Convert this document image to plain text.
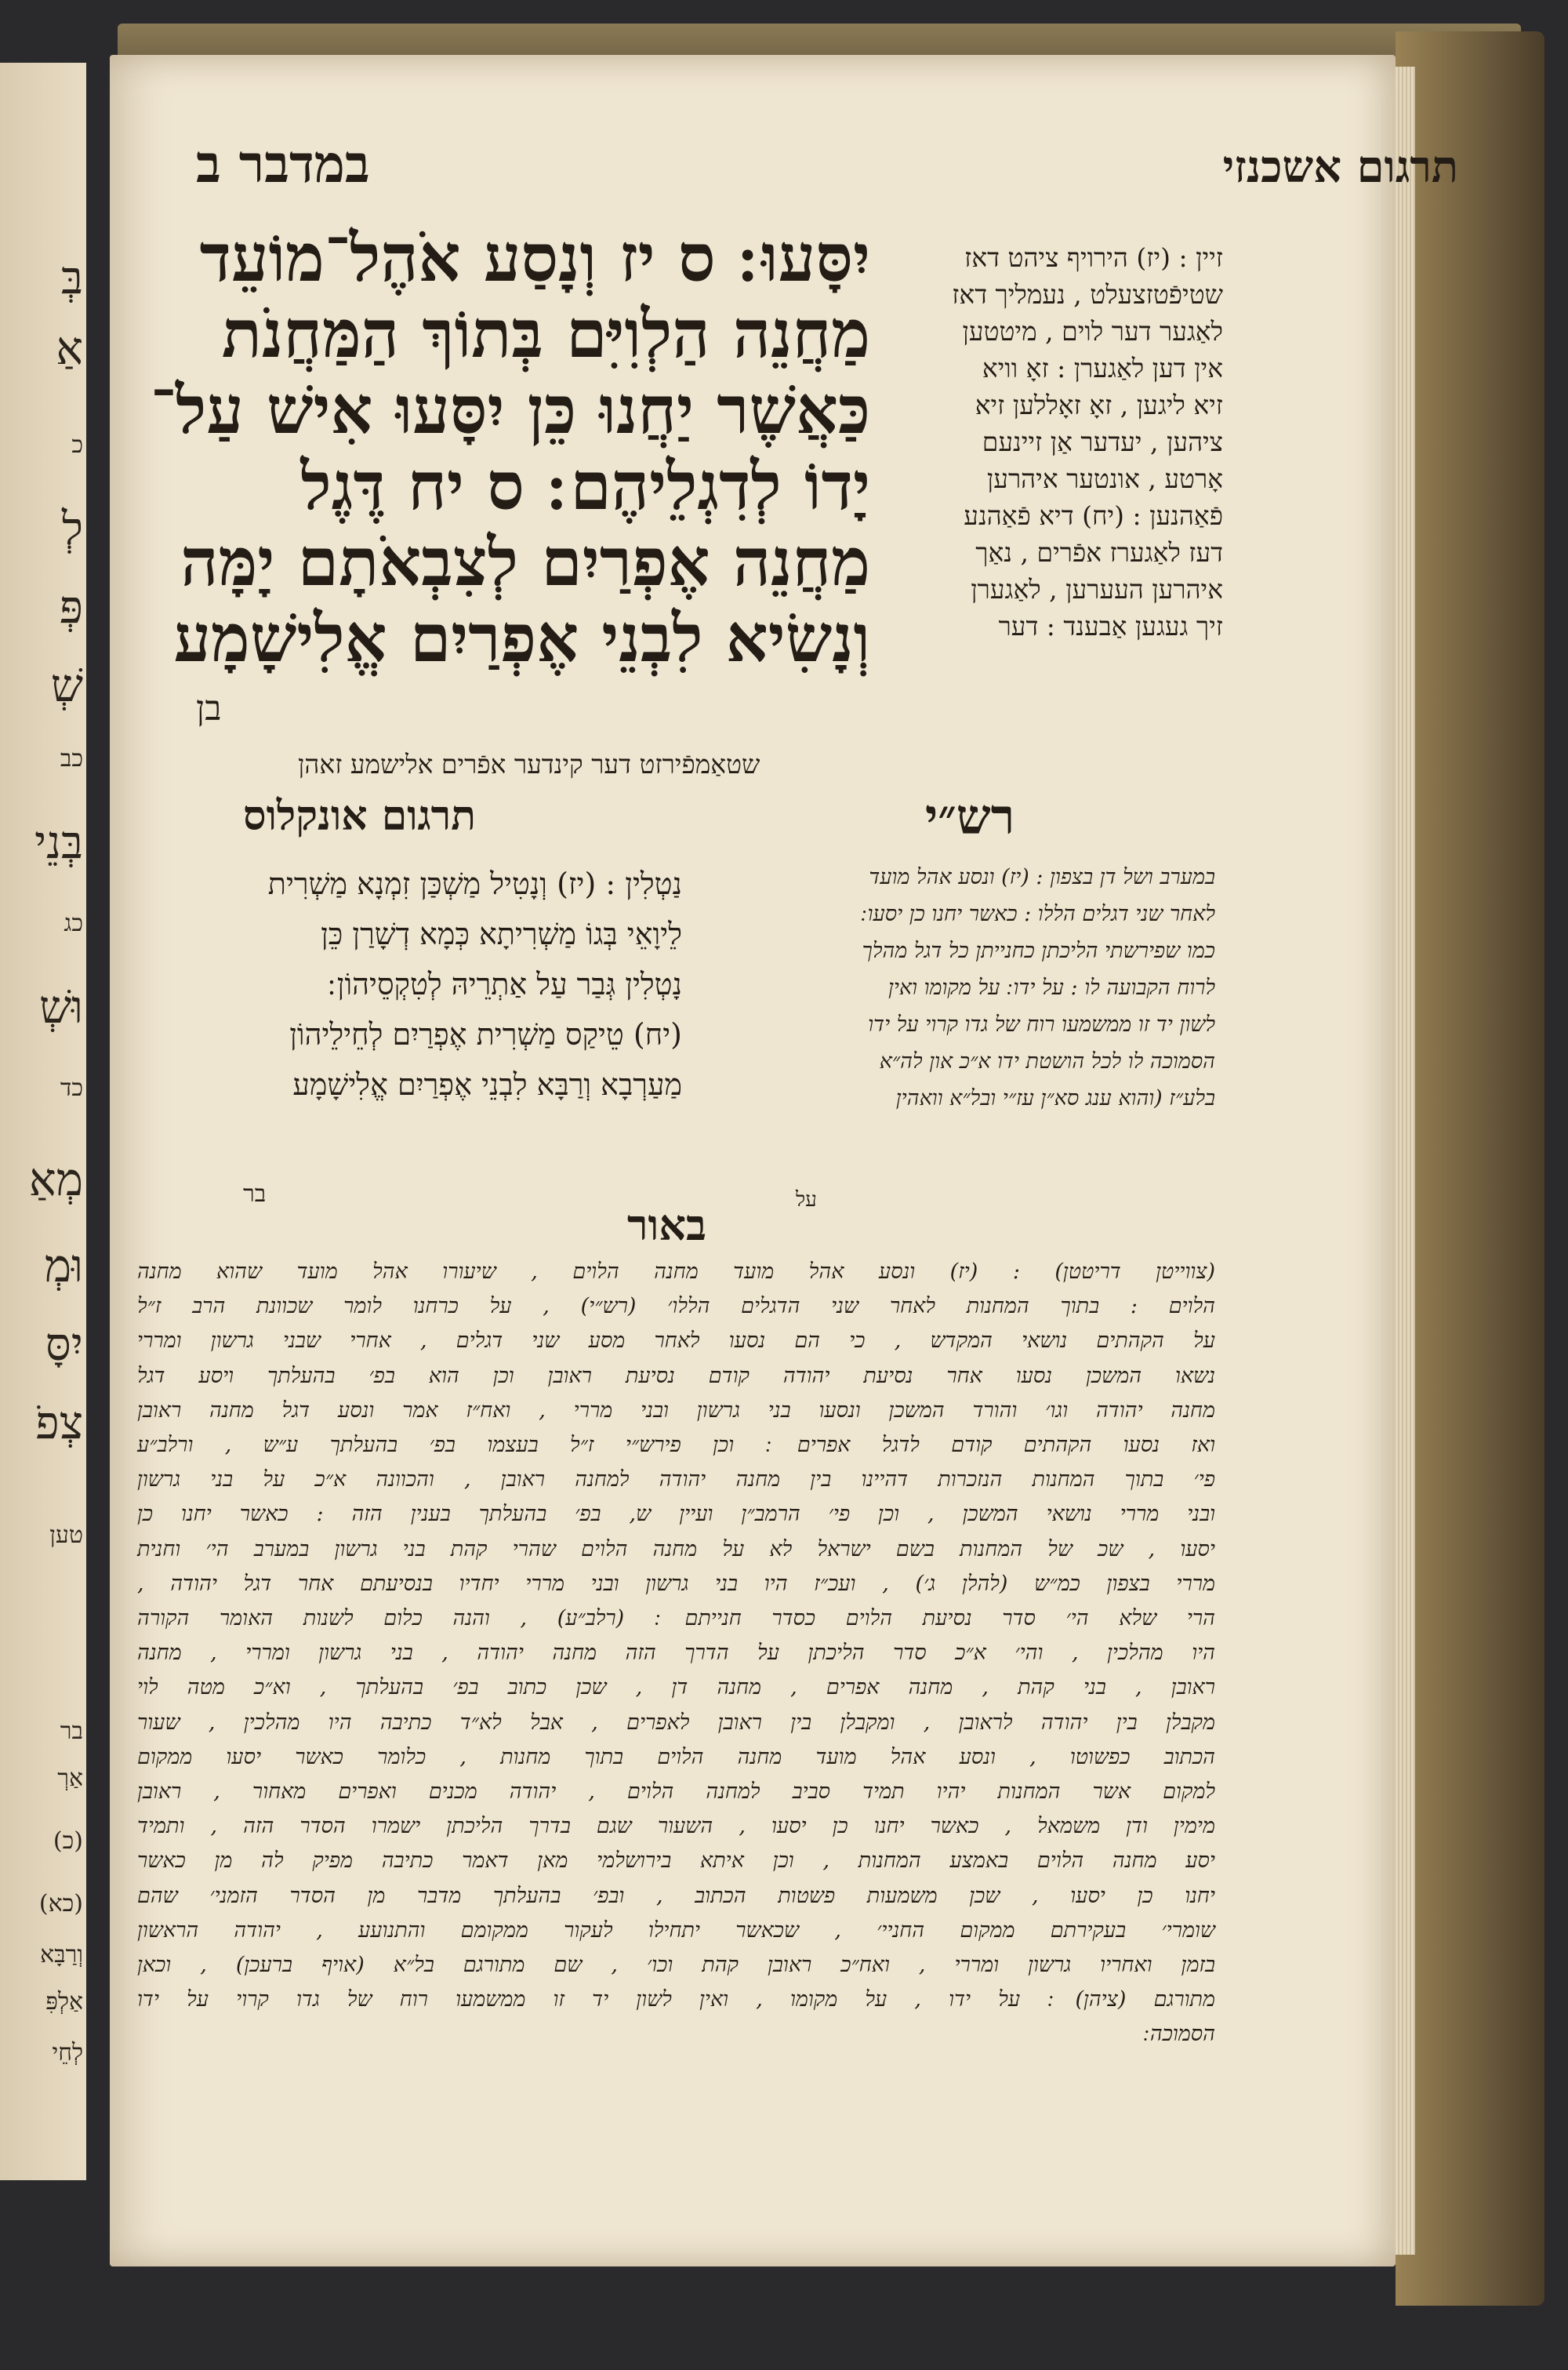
בְּ
אַ
כ
לְ
פְּ
שְׁ
כב
בְּנֵי
כג
וּשְׁ
כד
מְאַ
וּמְ
יִסָּ
צְפֹ
טען
בר
אַרְ
(כ)
(כא)
וְרַבָּא
אַלְפִּ
לְחֵי
במדבר ב	תרגום אשכנזי
יִסָּעוּ ׃ ס יז וְנָסַע אֹהֶל־מוֹעֵד
מַחֲנֵה הַלְוִיִּם בְּתוֹךְ הַמַּחֲנֹת
כַּאֲשֶׁר יַחֲנוּ כֵּן יִסָּעוּ אִישׁ עַל־
יָדוֹ לְדִגְלֵיהֶם ׃ ס יח דֶּגֶל
מַחֲנֵה אֶפְרַיִם לְצִבְאֹתָם יָמָּה
וְנָשִׂיא לִבְנֵי אֶפְרַיִם אֱלִישָׁמָע
בן
זיין : (יז) הירויף ציהט דאז
שטיפֿטזצעלט , נעמליך דאז
לאַגער דער לוים , מיטטען
אין דען לאַגערן : זאָ וויא
זיא ליגען , זאָ זאָללען זיא
ציהען , יעדער אַן זיינעם
אָרטע , אונטער איהרען
פֿאַהנען : (יח) דיא פֿאַהנע
דעז לאַגערז אפֿרים , נאַך
איהרען העערען , לאַגערן
זיך געגען אַבענד : דער
שטאַמפֿירזט דער קינדער אפֿרים אלישמע זאהן
רש״י
תרגום אונקלוס
נַטְלִין : (יז) וְנָטִיל מַשְׁכַּן זִמְנָא מַשְׁרִית
לֵיוָאֵי בְּגוֹ מַשְׁרִיתָא כְּמָא דְשָׁרַן כֵּן
נָטְלִין גְּבַר עַל אַתְרֵיהּ לְטִקְסֵיהוֹן ׃
(יח) טֵיקַס מַשְׁרִית אֶפְרַיִם לְחֵילֵיהוֹן
מַעַרְבָא וְרַבָּא לִבְנֵי אֶפְרַיִם אֱלִישָׁמָע
בר
במערב ושל דן בצפון : (יז) ונסע אהל מועד
לאחר שני דגלים הללו : כאשר יחנו כן יסעו ׃
כמו שפירשתי הליכתן כחנייתן כל דגל מהלך
לרוח הקבועה לו : על ידו ׃ על מקומו ואין
לשון יד זו ממשמעו רוח של גדו קרוי על ידו
הסמוכה לו לכל הושטת ידו א״כ און לה״א
בלע״ז (והוא ענג סא״ן עז״י ובל״א וואהין
על
באור
(צווייטן דריטטן) : (יז) ונסע אהל מועד מחנה הלוים , שיעורו אהל מועד שהוא מחנה
הלוים : בתוך המחנות לאחר שני הדגלים הללו׳ (רש״י) , על כרחנו לומר שכוונת הרב ז״ל
על הקהתים נושאי המקדש , כי הם נסעו לאחר מסע שני דגלים , אחרי שבני גרשון ומררי
נשאו המשכן נסעו אחר נסיעת יהודה קודם נסיעת ראובן וכן הוא בפ׳ בהעלתך ויסע דגל
מחנה יהודה וגו׳ והורד המשכן ונסעו בני גרשון ובני מררי , ואח״ז אמר ונסע דגל מחנה ראובן
ואז נסעו הקהתים קודם לדגל אפרים ׃ וכן פירש״י ז״ל בעצמו בפ׳ בהעלתך ע״ש , ורלב״ע
פי׳ בתוך המחנות הנזכרות דהיינו בין מחנה יהודה למחנה ראובן , והכוונה א״כ על בני גרשון
ובני מררי נושאי המשכן , וכן פי׳ הרמב״ן ועיין ש, בפ׳ בהעלתך בענין הזה : כאשר יחנו כן
יסעו , שכ של המחנות בשם ישראל לא על מחנה הלוים שהרי קהת בני גרשון במערב הי׳ וחנית
מררי בצפון כמ״ש (להלן ג׳) , ועכ״ז היו בני גרשון ובני מררי יחדיו בנסיעתם אחר דגל יהודה ,
הרי שלא הי׳ סדר נסיעת הלוים כסדר חנייתם ׃ (רלב״ע) , והנה כלום לשנות האומר הקורה
היו מהלכין , והי׳ א״כ סדר הליכתן על הדרך הזה מחנה יהודה , בני גרשון ומררי , מחנה
ראובן , בני קהת , מחנה אפרים , מחנה דן , שכן כתוב בפ׳ בהעלתך , וא״כ מטה לוי
מקבלן בין יהודה לראובן , ומקבלן בין ראובן לאפרים , אבל לא״ד כתיבה היו מהלכין , שעור
הכתוב כפשוטו , ונסע אהל מועד מחנה הלוים בתוך מחנות , כלומר כאשר יסעו ממקום
למקום אשר המחנות יהיו תמיד סביב למחנה הלוים , יהודה מכנים ואפרים מאחור , ראובן
מימין ודן משמאל , כאשר יחנו כן יסעו , השעור שגם בדרך הליכתן ישמרו הסדר הזה , ותמיד
יסע מחנה הלוים באמצע המחנות , וכן איתא בירושלמי מאן דאמר כתיבה מפיק לה מן כאשר
יחנו כן יסעו , שכן משמעות פשטות הכתוב , ובפ׳ בהעלתך מדבר מן הסדר הזמני׳ שהם
שומרי׳ בעקירתם ממקום החניי׳ , שכאשר יתחילו לעקור ממקומם והתנועע , יהודה הראשון
בזמן ואחריו גרשון ומררי , ואח״כ ראובן קהת וכו׳ , שם מתורגם בל״א (אויף ברעכן) , וכאן
מתורגם (ציהן) ׃ על ידו , על מקומו , ואין לשון יד זו ממשמעו רוח של גדו קרוי על ידו
הסמוכה ׃
